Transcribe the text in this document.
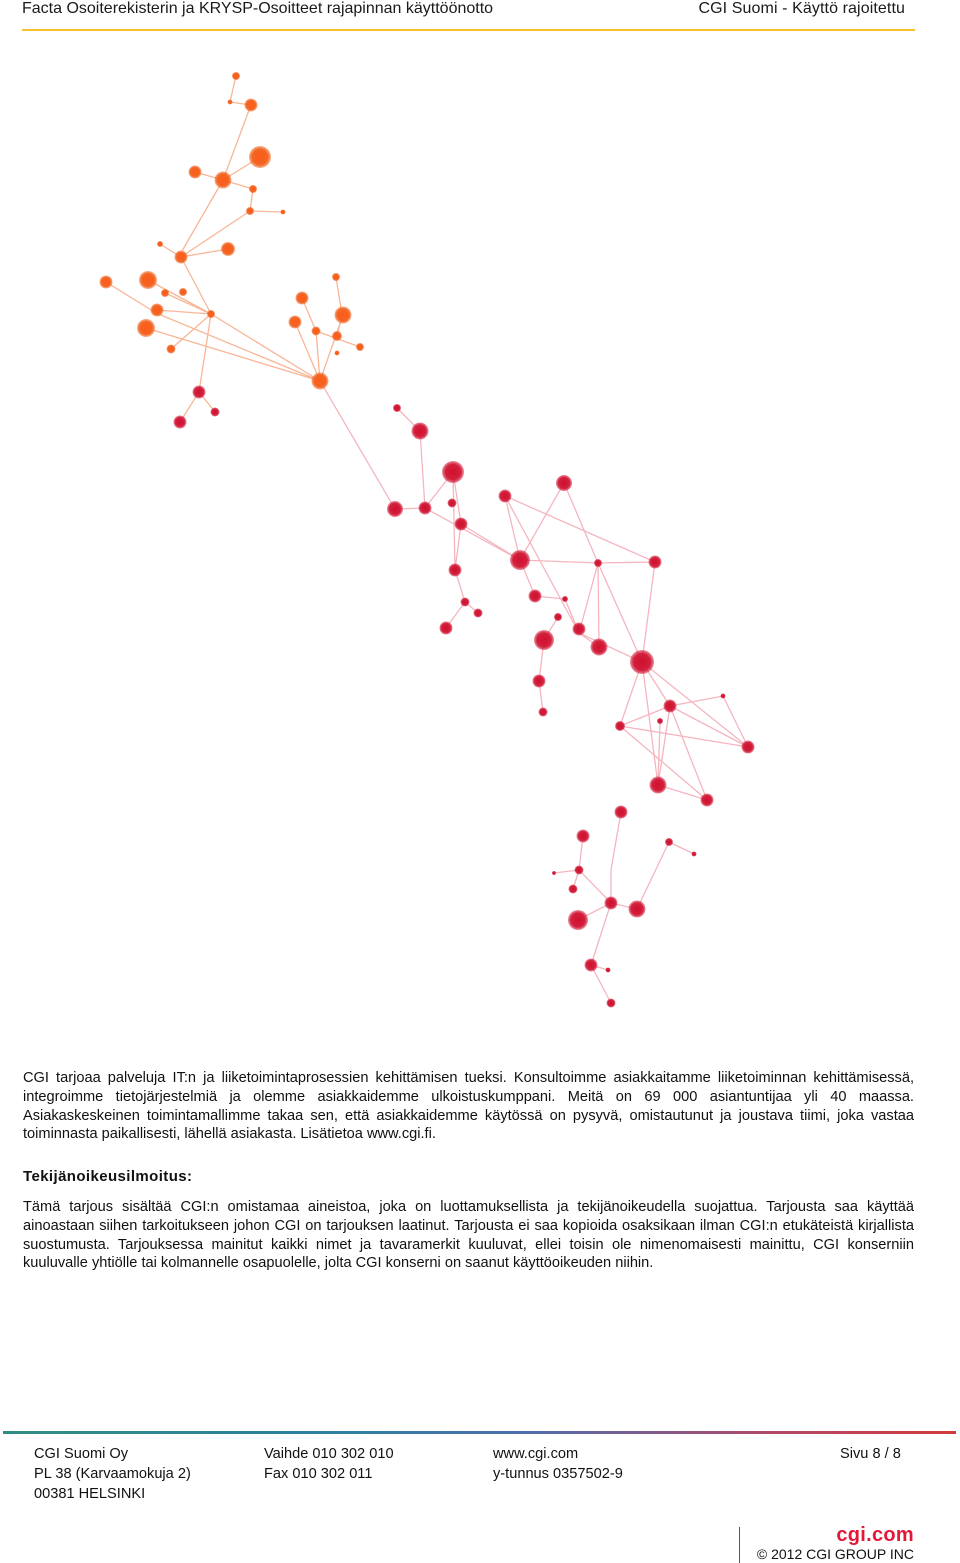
Facta Osoiterekisterin ja KRYSP-Osoitteet rajapinnan käyttöönotto	CGI Suomi - Käyttö rajoitettu

CGI tarjoaa palveluja IT:n ja liiketoimintaprosessien kehittämisen tueksi. Konsultoimme asiakkaitamme liiketoiminnan kehittämisessä, integroimme tietojärjestelmiä ja olemme asiakkaidemme ulkoistuskumppani. Meitä on 69 000 asiantuntijaa yli 40 maassa. Asiakaskeskeinen toimintamallimme takaa sen, että asiakkaidemme käytössä on pysyvä, omistautunut ja joustava tiimi, joka vastaa toiminnasta paikallisesti, lähellä asiakasta. Lisätietoa www.cgi.fi.

Tekijänoikeusilmoitus:

Tämä tarjous sisältää CGI:n omistamaa aineistoa, joka on luottamuksellista ja tekijänoikeudella suojattua. Tarjousta saa käyttää ainoastaan siihen tarkoitukseen johon CGI on tarjouksen laatinut. Tarjousta ei saa kopioida osaksikaan ilman CGI:n etukäteistä kirjallista suostumusta. Tarjouksessa mainitut kaikki nimet ja tavaramerkit kuuluvat, ellei toisin ole nimenomaisesti mainittu, CGI konserniin kuuluvalle yhtiölle tai kolmannelle osapuolelle, jolta CGI konserni on saanut käyttöoikeuden niihin.

CGI Suomi Oy
PL 38 (Karvaamokuja 2)
00381 HELSINKI
Vaihde 010 302 010
Fax 010 302 011
www.cgi.com
y-tunnus 0357502-9
Sivu 8 / 8
cgi.com
© 2012 CGI GROUP INC
